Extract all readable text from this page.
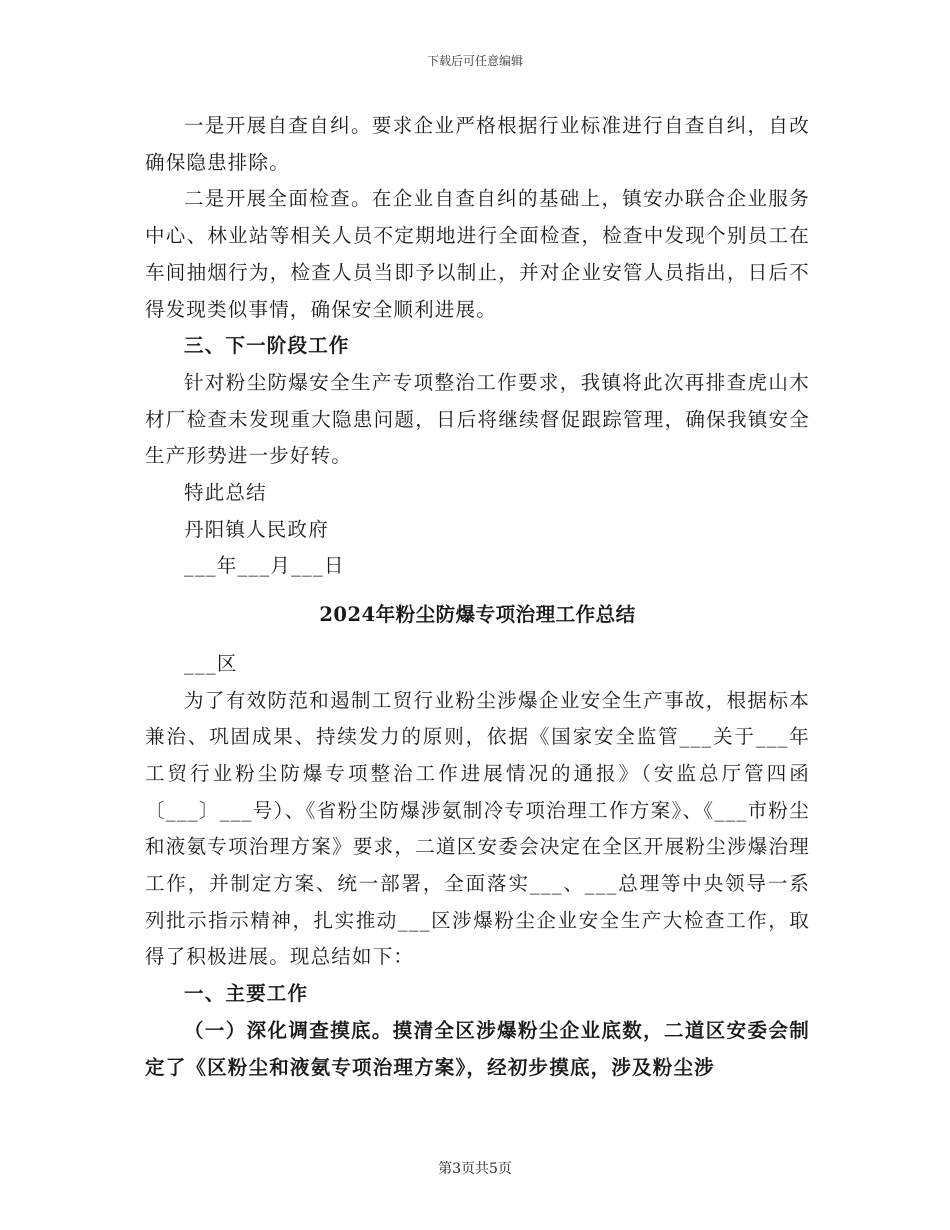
下载后可任意编辑

一是开展自查自纠。要求企业严格根据行业标准进行自查自纠，自改确保隐患排除。

二是开展全面检查。在企业自查自纠的基础上，镇安办联合企业服务中心、林业站等相关人员不定期地进行全面检查，检查中发现个别员工在车间抽烟行为，检查人员当即予以制止，并对企业安管人员指出，日后不得发现类似事情，确保安全顺利进展。

三、下一阶段工作

针对粉尘防爆安全生产专项整治工作要求，我镇将此次再排查虎山木材厂检查未发现重大隐患问题，日后将继续督促跟踪管理，确保我镇安全生产形势进一步好转。

特此总结

丹阳镇人民政府

___年___月___日

2024年粉尘防爆专项治理工作总结

___区

为了有效防范和遏制工贸行业粉尘涉爆企业安全生产事故，根据标本兼治、巩固成果、持续发力的原则，依据《国家安全监管___关于___年工贸行业粉尘防爆专项整治工作进展情况的通报》（安监总厅管四函〔___〕___号）、《省粉尘防爆涉氨制冷专项治理工作方案》、《___市粉尘和液氨专项治理方案》要求，二道区安委会决定在全区开展粉尘涉爆治理工作，并制定方案、统一部署，全面落实___、___总理等中央领导一系列批示指示精神，扎实推动___区涉爆粉尘企业安全生产大检查工作，取得了积极进展。现总结如下：

一、主要工作

（一）深化调查摸底。摸清全区涉爆粉尘企业底数，二道区安委会制定了《区粉尘和液氨专项治理方案》，经初步摸底，涉及粉尘涉

第3页共5页
